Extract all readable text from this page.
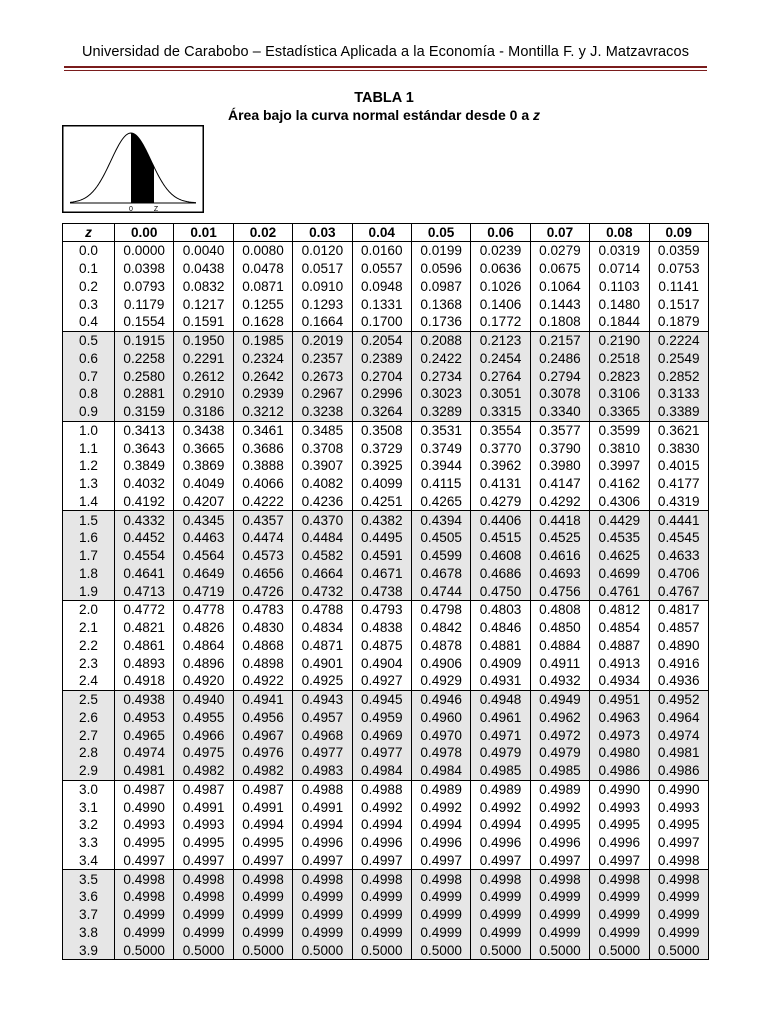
Universidad de Carabobo – Estadística Aplicada a la Economía - Montilla F. y J. Matzavracos
TABLA 1
Área bajo la curva normal estándar desde 0 a z
0	Z
z	0.00	0.01	0.02	0.03	0.04	0.05	0.06	0.07	0.08	0.09
0.0	0.0000	0.0040	0.0080	0.0120	0.0160	0.0199	0.0239	0.0279	0.0319	0.0359
0.1	0.0398	0.0438	0.0478	0.0517	0.0557	0.0596	0.0636	0.0675	0.0714	0.0753
0.2	0.0793	0.0832	0.0871	0.0910	0.0948	0.0987	0.1026	0.1064	0.1103	0.1141
0.3	0.1179	0.1217	0.1255	0.1293	0.1331	0.1368	0.1406	0.1443	0.1480	0.1517
0.4	0.1554	0.1591	0.1628	0.1664	0.1700	0.1736	0.1772	0.1808	0.1844	0.1879
0.5	0.1915	0.1950	0.1985	0.2019	0.2054	0.2088	0.2123	0.2157	0.2190	0.2224
0.6	0.2258	0.2291	0.2324	0.2357	0.2389	0.2422	0.2454	0.2486	0.2518	0.2549
0.7	0.2580	0.2612	0.2642	0.2673	0.2704	0.2734	0.2764	0.2794	0.2823	0.2852
0.8	0.2881	0.2910	0.2939	0.2967	0.2996	0.3023	0.3051	0.3078	0.3106	0.3133
0.9	0.3159	0.3186	0.3212	0.3238	0.3264	0.3289	0.3315	0.3340	0.3365	0.3389
1.0	0.3413	0.3438	0.3461	0.3485	0.3508	0.3531	0.3554	0.3577	0.3599	0.3621
1.1	0.3643	0.3665	0.3686	0.3708	0.3729	0.3749	0.3770	0.3790	0.3810	0.3830
1.2	0.3849	0.3869	0.3888	0.3907	0.3925	0.3944	0.3962	0.3980	0.3997	0.4015
1.3	0.4032	0.4049	0.4066	0.4082	0.4099	0.4115	0.4131	0.4147	0.4162	0.4177
1.4	0.4192	0.4207	0.4222	0.4236	0.4251	0.4265	0.4279	0.4292	0.4306	0.4319
1.5	0.4332	0.4345	0.4357	0.4370	0.4382	0.4394	0.4406	0.4418	0.4429	0.4441
1.6	0.4452	0.4463	0.4474	0.4484	0.4495	0.4505	0.4515	0.4525	0.4535	0.4545
1.7	0.4554	0.4564	0.4573	0.4582	0.4591	0.4599	0.4608	0.4616	0.4625	0.4633
1.8	0.4641	0.4649	0.4656	0.4664	0.4671	0.4678	0.4686	0.4693	0.4699	0.4706
1.9	0.4713	0.4719	0.4726	0.4732	0.4738	0.4744	0.4750	0.4756	0.4761	0.4767
2.0	0.4772	0.4778	0.4783	0.4788	0.4793	0.4798	0.4803	0.4808	0.4812	0.4817
2.1	0.4821	0.4826	0.4830	0.4834	0.4838	0.4842	0.4846	0.4850	0.4854	0.4857
2.2	0.4861	0.4864	0.4868	0.4871	0.4875	0.4878	0.4881	0.4884	0.4887	0.4890
2.3	0.4893	0.4896	0.4898	0.4901	0.4904	0.4906	0.4909	0.4911	0.4913	0.4916
2.4	0.4918	0.4920	0.4922	0.4925	0.4927	0.4929	0.4931	0.4932	0.4934	0.4936
2.5	0.4938	0.4940	0.4941	0.4943	0.4945	0.4946	0.4948	0.4949	0.4951	0.4952
2.6	0.4953	0.4955	0.4956	0.4957	0.4959	0.4960	0.4961	0.4962	0.4963	0.4964
2.7	0.4965	0.4966	0.4967	0.4968	0.4969	0.4970	0.4971	0.4972	0.4973	0.4974
2.8	0.4974	0.4975	0.4976	0.4977	0.4977	0.4978	0.4979	0.4979	0.4980	0.4981
2.9	0.4981	0.4982	0.4982	0.4983	0.4984	0.4984	0.4985	0.4985	0.4986	0.4986
3.0	0.4987	0.4987	0.4987	0.4988	0.4988	0.4989	0.4989	0.4989	0.4990	0.4990
3.1	0.4990	0.4991	0.4991	0.4991	0.4992	0.4992	0.4992	0.4992	0.4993	0.4993
3.2	0.4993	0.4993	0.4994	0.4994	0.4994	0.4994	0.4994	0.4995	0.4995	0.4995
3.3	0.4995	0.4995	0.4995	0.4996	0.4996	0.4996	0.4996	0.4996	0.4996	0.4997
3.4	0.4997	0.4997	0.4997	0.4997	0.4997	0.4997	0.4997	0.4997	0.4997	0.4998
3.5	0.4998	0.4998	0.4998	0.4998	0.4998	0.4998	0.4998	0.4998	0.4998	0.4998
3.6	0.4998	0.4998	0.4999	0.4999	0.4999	0.4999	0.4999	0.4999	0.4999	0.4999
3.7	0.4999	0.4999	0.4999	0.4999	0.4999	0.4999	0.4999	0.4999	0.4999	0.4999
3.8	0.4999	0.4999	0.4999	0.4999	0.4999	0.4999	0.4999	0.4999	0.4999	0.4999
3.9	0.5000	0.5000	0.5000	0.5000	0.5000	0.5000	0.5000	0.5000	0.5000	0.5000
